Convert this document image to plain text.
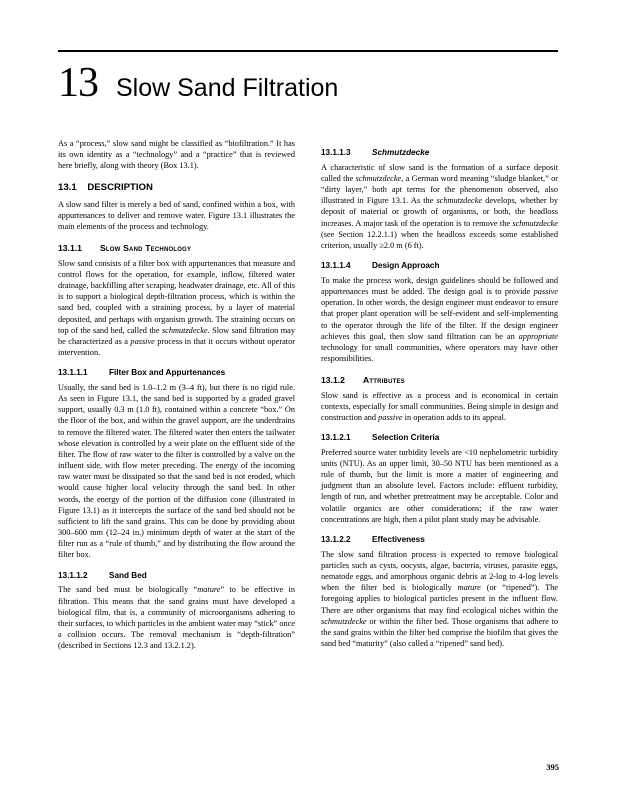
13 Slow Sand Filtration

As a “process,” slow sand might be classified as “biofiltration.” It has its own identity as a “technology” and a “practice” that is reviewed here briefly, along with theory (Box 13.1).

13.1 DESCRIPTION

A slow sand filter is merely a bed of sand, confined within a box, with appurtenances to deliver and remove water. Figure 13.1 illustrates the main elements of the process and technology.

13.1.1	Slow Sand Technology

Slow sand consists of a filter box with appurtenances that measure and control flows for the operation, for example, inflow, filtered water drainage, backfilling after scraping, headwater drainage, etc. All of this is to support a biological depth-filtration process, which is within the sand bed, coupled with a straining process, by a layer of material deposited, and perhaps with organism growth. The straining occurs on top of the sand bed, called the schmutzdecke. Slow sand filtration may be characterized as a passive process in that it occurs without operator intervention.

13.1.1.1	Filter Box and Appurtenances

Usually, the sand bed is 1.0–1.2 m (3–4 ft), but there is no rigid rule. As seen in Figure 13.1, the sand bed is supported by a graded gravel support, usually 0.3 m (1.0 ft), contained within a concrete “box.” On the floor of the box, and within the gravel support, are the underdrains to remove the filtered water. The filtered water then enters the tailwater whose elevation is controlled by a weir plate on the effluent side of the filter. The flow of raw water to the filter is controlled by a valve on the influent side, with flow meter preceding. The energy of the incoming raw water must be dissipated so that the sand bed is not eroded, which would cause higher local velocity through the sand bed. In other words, the energy of the portion of the diffusion cone (illustrated in Figure 13.1) as it intercepts the surface of the sand bed should not be sufficient to lift the sand grains. This can be done by providing about 300–600 mm (12–24 in.) minimum depth of water at the start of the filter run as a “rule of thumb,” and by distributing the flow around the filter box.

13.1.1.2	Sand Bed

The sand bed must be biologically “mature” to be effective in filtration. This means that the sand grains must have developed a biological film, that is, a community of microorganisms adhering to their surfaces, to which particles in the ambient water may “stick” once a collision occurs. The removal mechanism is “depth-filtration” (described in Sections 12.3 and 13.2.1.2).

13.1.1.3	Schmutzdecke

A characteristic of slow sand is the formation of a surface deposit called the schmutzdecke, a German word meaning “sludge blanket,” or “dirty layer,” both apt terms for the phenomenon observed, also illustrated in Figure 13.1. As the schmutzdecke develops, whether by deposit of material or growth of organisms, or both, the headloss increases. A major task of the operation is to remove the schmutzdecke (see Section 12.2.1.1) when the headloss exceeds some established criterion, usually ≥2.0 m (6 ft).

13.1.1.4	Design Approach

To make the process work, design guidelines should be followed and appurtenances must be added. The design goal is to provide passive operation. In other words, the design engineer must endeavor to ensure that proper plant operation will be self-evident and self-implementing to the operator through the life of the filter. If the design engineer achieves this goal, then slow sand filtration can be an appropriate technology for small communities, where operators may have other responsibilities.

13.1.2	Attributes

Slow sand is effective as a process and is economical in certain contexts, especially for small communities. Being simple in design and construction and passive in operation adds to its appeal.

13.1.2.1	Selection Criteria

Preferred source water turbidity levels are <10 nephelometric turbidity units (NTU). As an upper limit, 30–50 NTU has been mentioned as a rule of thumb, but the limit is more a matter of engineering and judgment than an absolute level. Factors include: effluent turbidity, length of run, and whether pretreatment may be acceptable. Color and volatile organics are other considerations; if the raw water concentrations are high, then a pilot plant study may be advisable.

13.1.2.2	Effectiveness

The slow sand filtration process is expected to remove biological particles such as cysts, oocysts, algae, bacteria, viruses, parasite eggs, nematode eggs, and amorphous organic debris at 2-log to 4-log levels when the filter bed is biologically mature (or “ripened”). The foregoing applies to biological particles present in the influent flow. There are other organisms that may find ecological niches within the schmutzdecke or within the filter bed. Those organisms that adhere to the sand grains within the filter bed comprise the biofilm that gives the sand bed “maturity” (also called a “ripened” sand bed).

395
